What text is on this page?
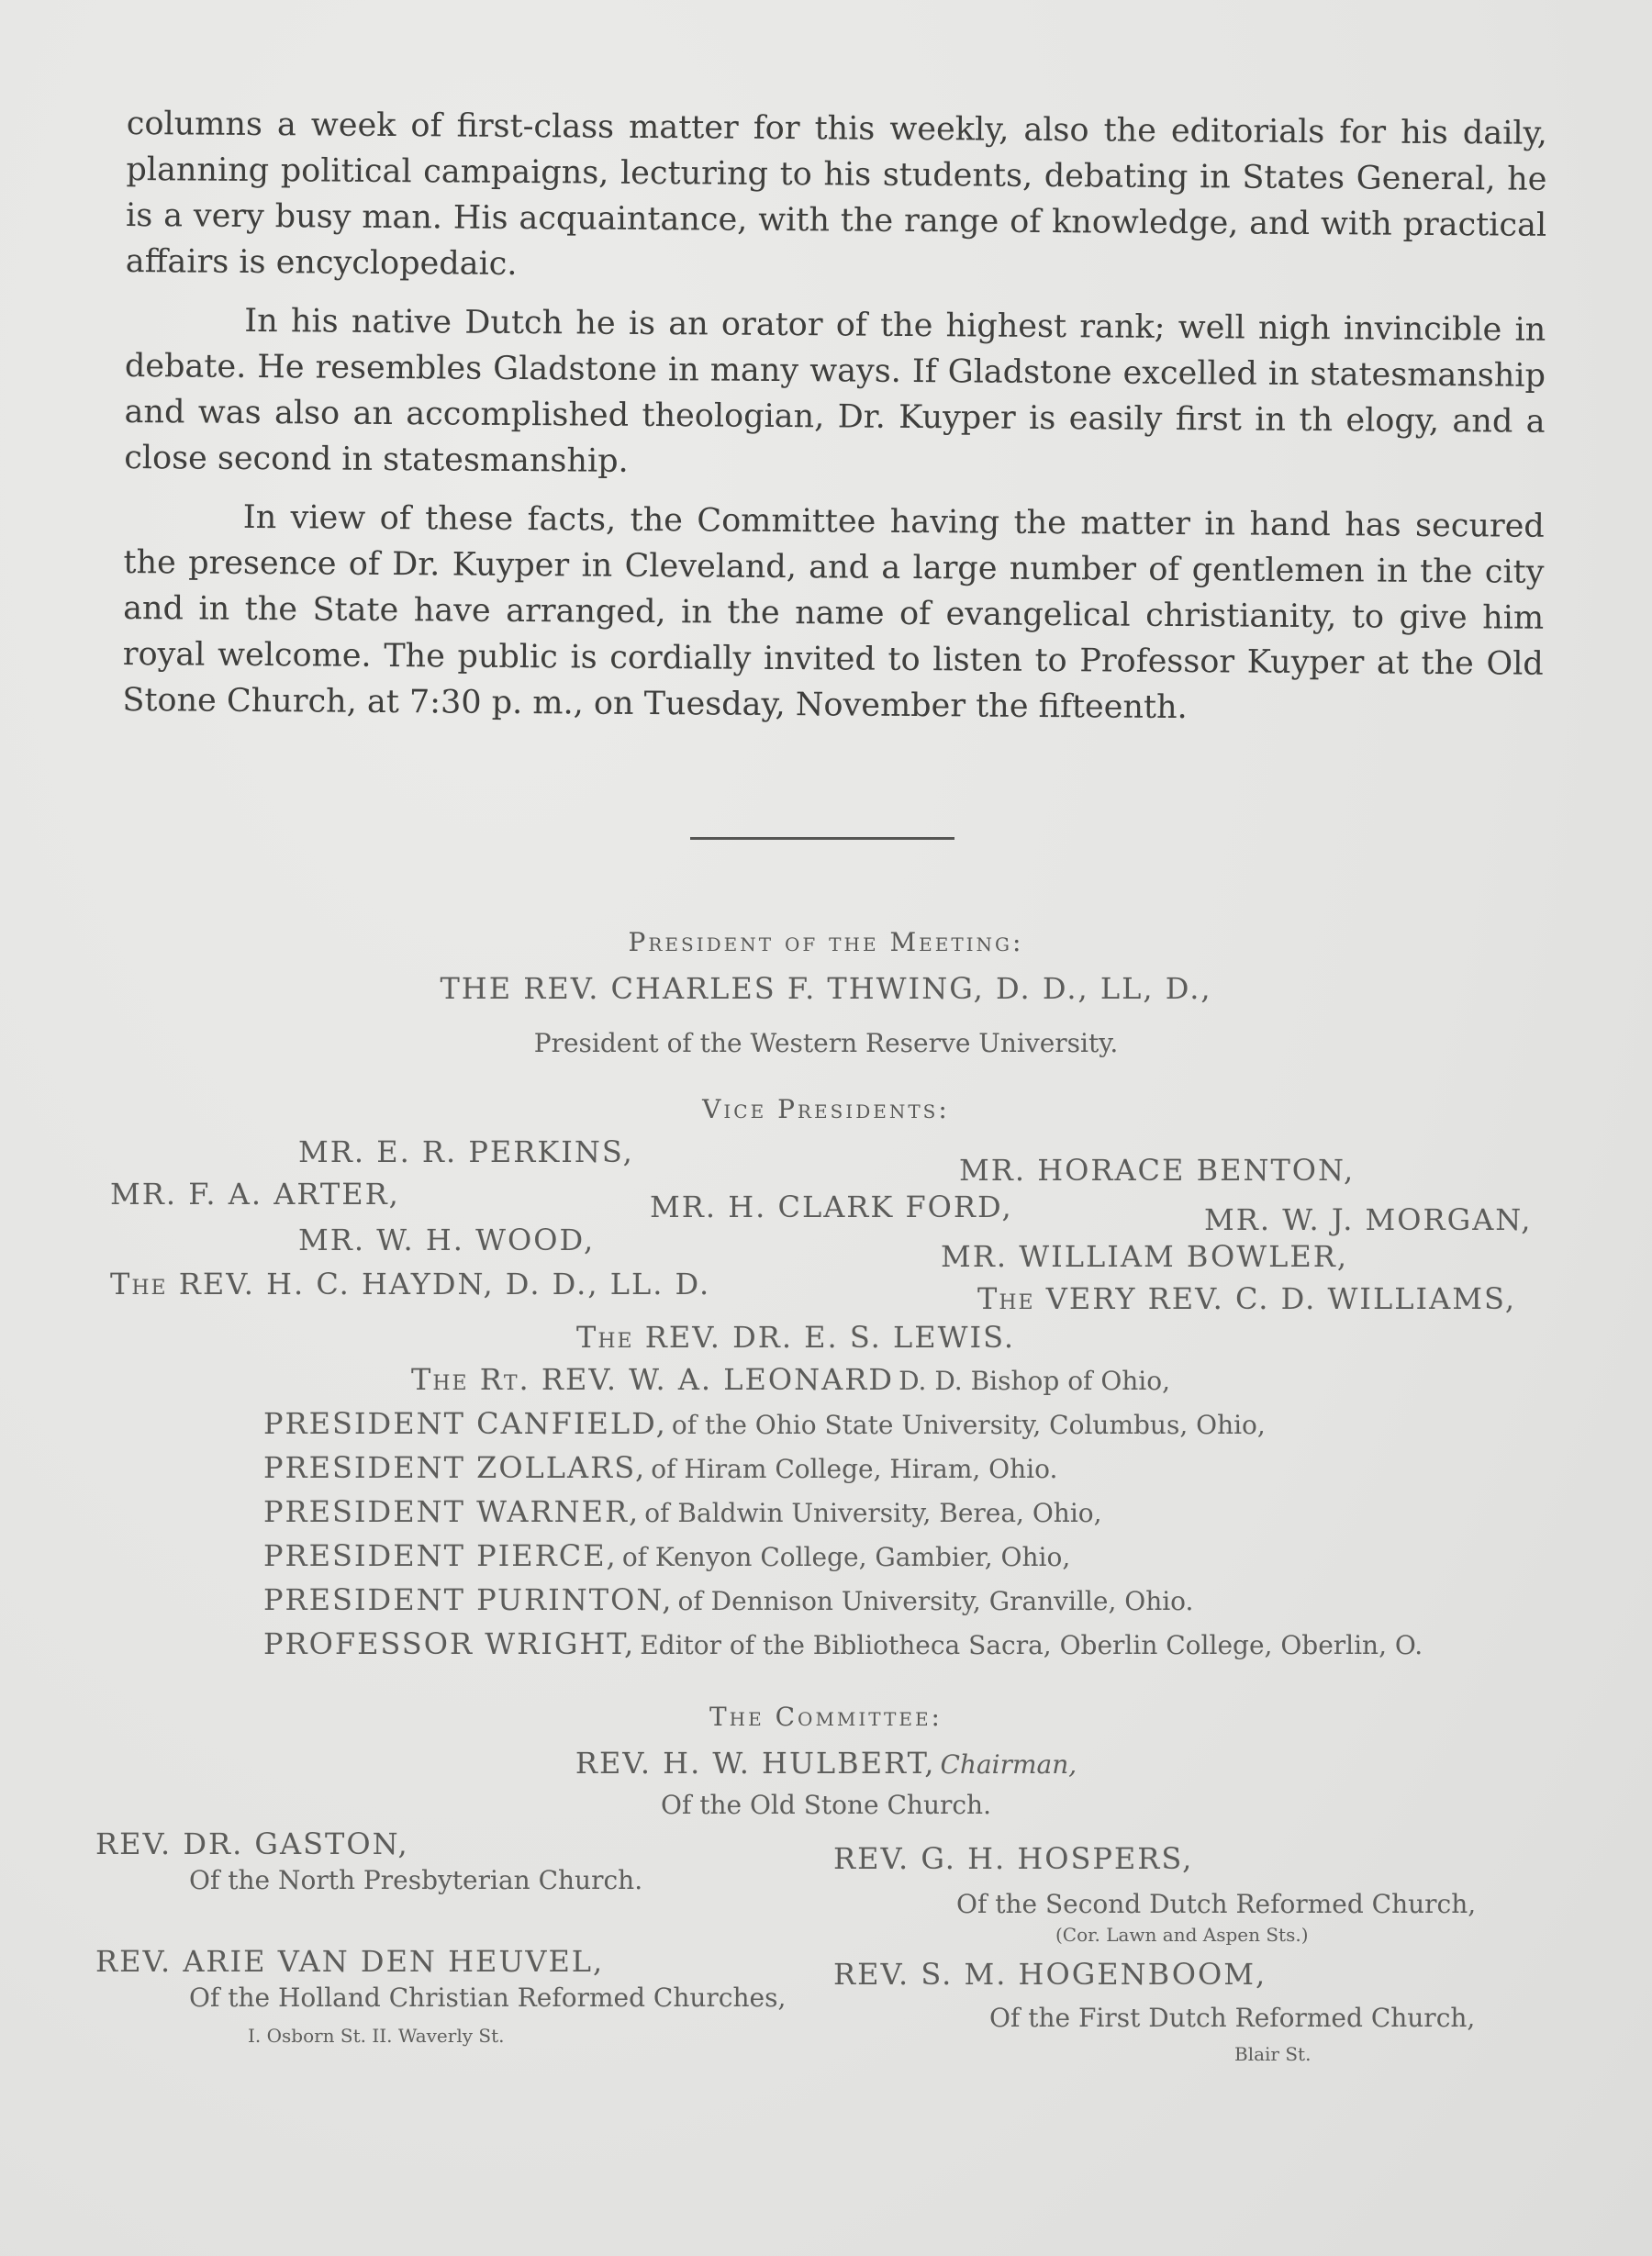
columns a week of first-class matter for this weekly, also the editorials for his daily, planning political campaigns, lecturing to his students, debating in States General, he is a very busy man. His acquaintance, with the range of knowledge, and with practical affairs is encyclopedaic.

In his native Dutch he is an orator of the highest rank; well nigh invincible in debate. He resembles Gladstone in many ways. If Gladstone excelled in statesmanship and was also an accomplished theologian, Dr. Kuyper is easily first in th elogy, and a close second in statesmanship.

In view of these facts, the Committee having the matter in hand has secured the presence of Dr. Kuyper in Cleveland, and a large number of gentlemen in the city and in the State have arranged, in the name of evangelical christianity, to give him royal welcome. The public is cordially invited to listen to Professor Kuyper at the Old Stone Church, at 7:30 p. m., on Tuesday, November the fifteenth.

President of the Meeting:
THE REV. CHARLES F. THWING, D. D., LL, D.,
President of the Western Reserve University.
Vice Presidents:
MR. E. R. PERKINS,
MR. HORACE BENTON,
MR. F. A. ARTER,	MR. H. CLARK FORD,	MR. W. J. MORGAN,
MR. W. H. WOOD,	MR. WILLIAM BOWLER,
The REV. H. C. HAYDN, D. D., LL. D.	The VERY REV. C. D. WILLIAMS,
The REV. DR. E. S. LEWIS.
The Rt. REV. W. A. LEONARD D. D. Bishop of Ohio,
PRESIDENT CANFIELD, of the Ohio State University, Columbus, Ohio,
PRESIDENT ZOLLARS, of Hiram College, Hiram, Ohio.
PRESIDENT WARNER, of Baldwin University, Berea, Ohio,
PRESIDENT PIERCE, of Kenyon College, Gambier, Ohio,
PRESIDENT PURINTON, of Dennison University, Granville, Ohio.
PROFESSOR WRIGHT, Editor of the Bibliotheca Sacra, Oberlin College, Oberlin, O.
The Committee:
REV. H. W. HULBERT, Chairman,
Of the Old Stone Church.
REV. DR. GASTON,
Of the North Presbyterian Church.
REV. G. H. HOSPERS,
Of the Second Dutch Reformed Church,
(Cor. Lawn and Aspen Sts.)
REV. ARIE VAN DEN HEUVEL,
Of the Holland Christian Reformed Churches,
I. Osborn St. II. Waverly St.
REV. S. M. HOGENBOOM,
Of the First Dutch Reformed Church,
Blair St.
